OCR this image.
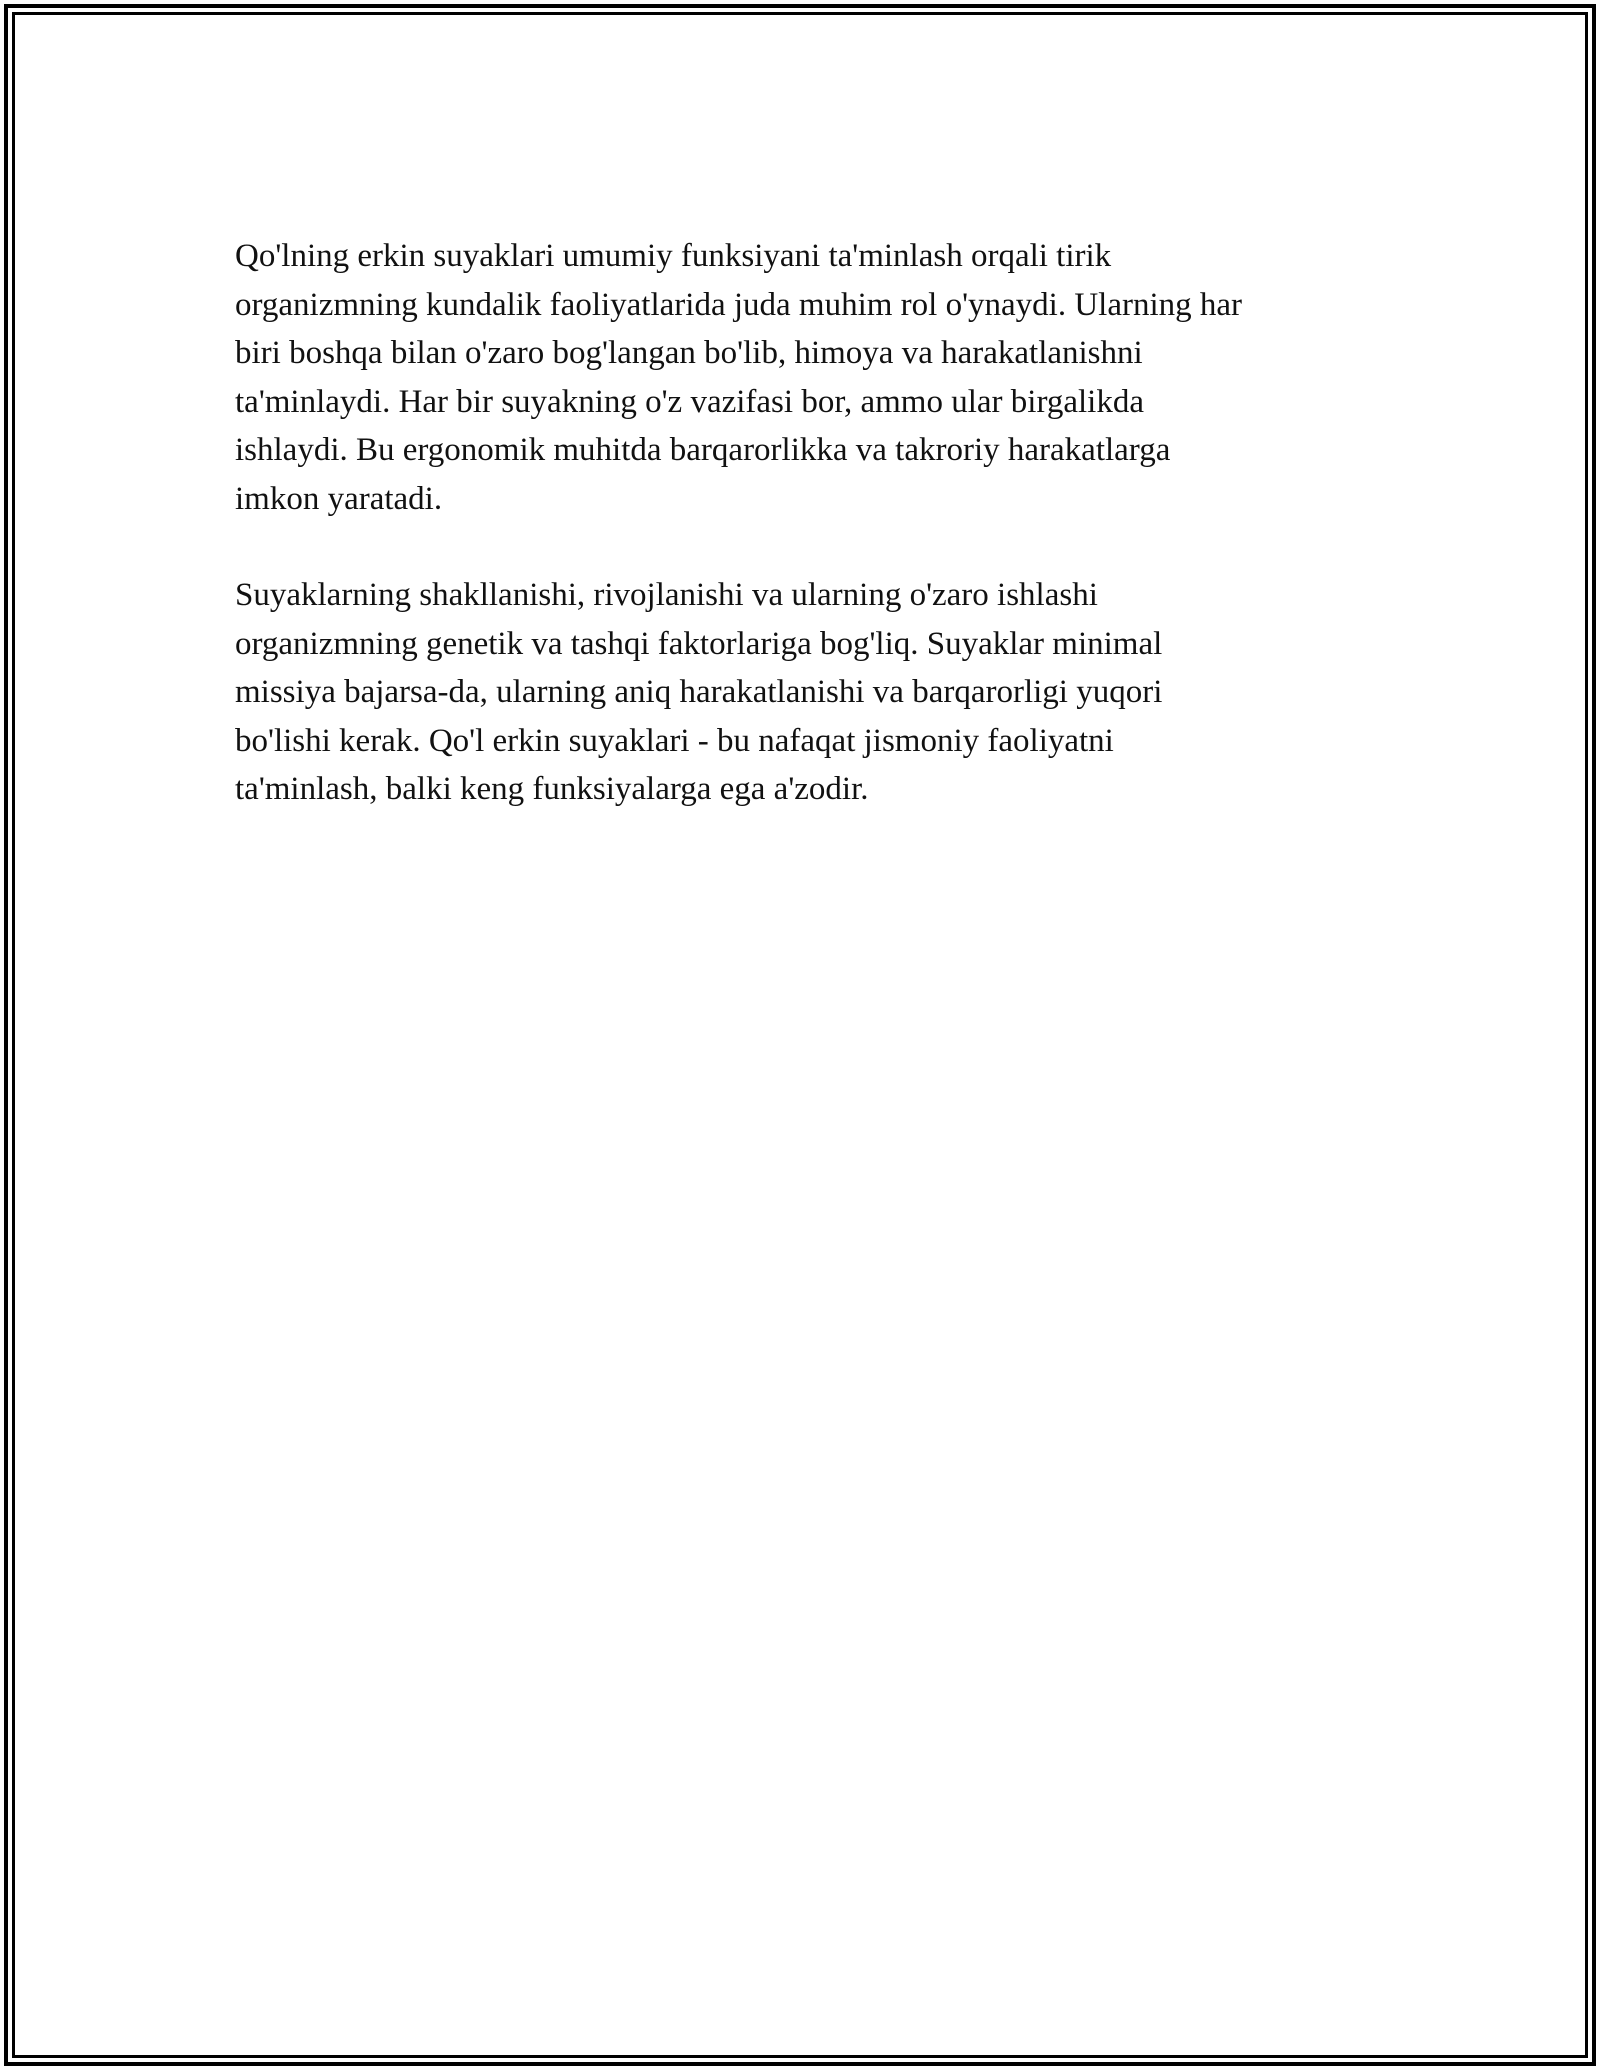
Qo'lning erkin suyaklari umumiy funksiyani ta'minlash orqali tirik
organizmning kundalik faoliyatlarida juda muhim rol o'ynaydi. Ularning har
biri boshqa bilan o'zaro bog'langan bo'lib, himoya va harakatlanishni
ta'minlaydi. Har bir suyakning o'z vazifasi bor, ammo ular birgalikda
ishlaydi. Bu ergonomik muhitda barqarorlikka va takroriy harakatlarga
imkon yaratadi.

Suyaklarning shakllanishi, rivojlanishi va ularning o'zaro ishlashi
organizmning genetik va tashqi faktorlariga bog'liq. Suyaklar minimal
missiya bajarsa-da, ularning aniq harakatlanishi va barqarorligi yuqori
bo'lishi kerak. Qo'l erkin suyaklari - bu nafaqat jismoniy faoliyatni
ta'minlash, balki keng funksiyalarga ega a'zodir.
